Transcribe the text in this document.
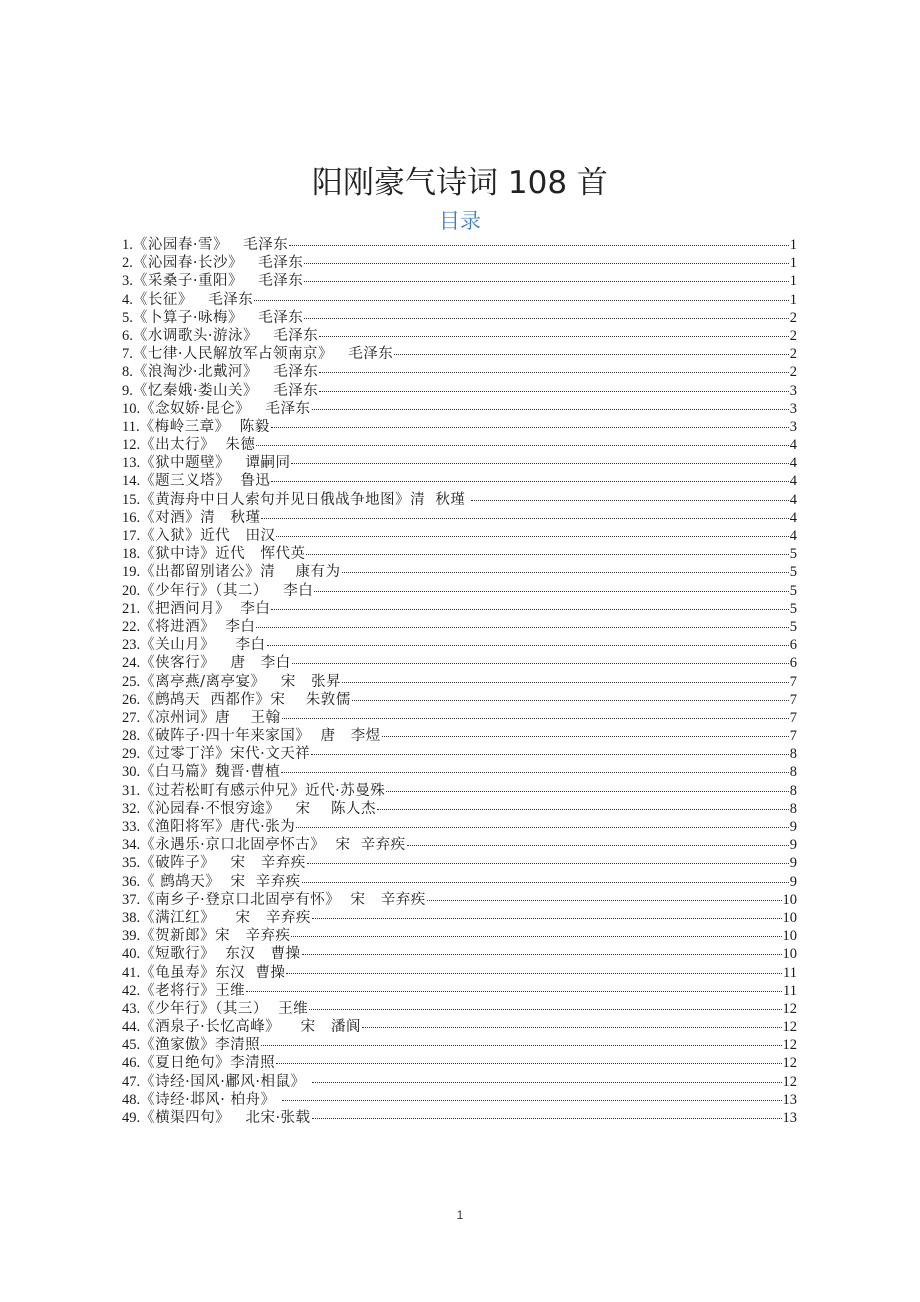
阳刚豪气诗词 108 首
目录
1. 《沁园春·雪》   毛泽东	1
2. 《沁园春·长沙》   毛泽东	1
3. 《采桑子·重阳》   毛泽东	1
4. 《长征》   毛泽东	1
5. 《卜算子·咏梅》   毛泽东	2
6. 《水调歌头·游泳》   毛泽东	2
7. 《七律·人民解放军占领南京》   毛泽东	2
8. 《浪淘沙·北戴河》   毛泽东	2
9. 《忆秦娥·娄山关》   毛泽东	3
10. 《念奴娇·昆仑》   毛泽东	3
11. 《梅岭三章》  陈毅	3
12. 《出太行》  朱德	4
13. 《狱中题壁》   谭嗣同	4
14. 《题三义塔》  鲁迅	4
15. 《黄海舟中日人索句并见日俄战争地图》清  秋瑾	4
16. 《对酒》清   秋瑾	4
17. 《入狱》近代   田汉	4
18. 《狱中诗》近代   恽代英	5
19. 《出都留别诸公》清    康有为	5
20. 《少年行》（其二）   李白	5
21. 《把酒问月》  李白	5
22. 《将进酒》  李白	5
23. 《关山月》    李白	6
24. 《侠客行》   唐   李白	6
25. 《离亭燕/离亭宴》   宋   张昇	7
26. 《鹧鸪天  西都作》宋    朱敦儒	7
27. 《凉州词》唐    王翰	7
28. 《破阵子·四十年来家国》  唐   李煜	7
29. 《过零丁洋》宋代·文天祥	8
30. 《白马篇》魏晋·曹植	8
31. 《过若松町有感示仲兄》近代·苏曼殊	8
32. 《沁园春·不恨穷途》   宋    陈人杰	8
33. 《渔阳将军》唐代·张为	9
34. 《永遇乐·京口北固亭怀古》  宋  辛弃疾	9
35. 《破阵子》   宋   辛弃疾	9
36. 《 鹧鸪天》  宋  辛弃疾	9
37. 《南乡子·登京口北固亭有怀》  宋   辛弃疾	10
38. 《满江红》    宋   辛弃疾	10
39. 《贺新郎》宋   辛弃疾	10
40. 《短歌行》  东汉   曹操	10
41. 《龟虽寿》东汉  曹操	11
42. 《老将行》王维	11
43. 《少年行》（其三）  王维	12
44. 《酒泉子·长忆高峰》    宋   潘阆	12
45. 《渔家傲》李清照	12
46. 《夏日绝句》李清照	12
47. 《诗经·国风·鄘风·相鼠》	12
48. 《诗经·邶风· 柏舟》	13
49. 《横渠四句》   北宋·张载	13
1
